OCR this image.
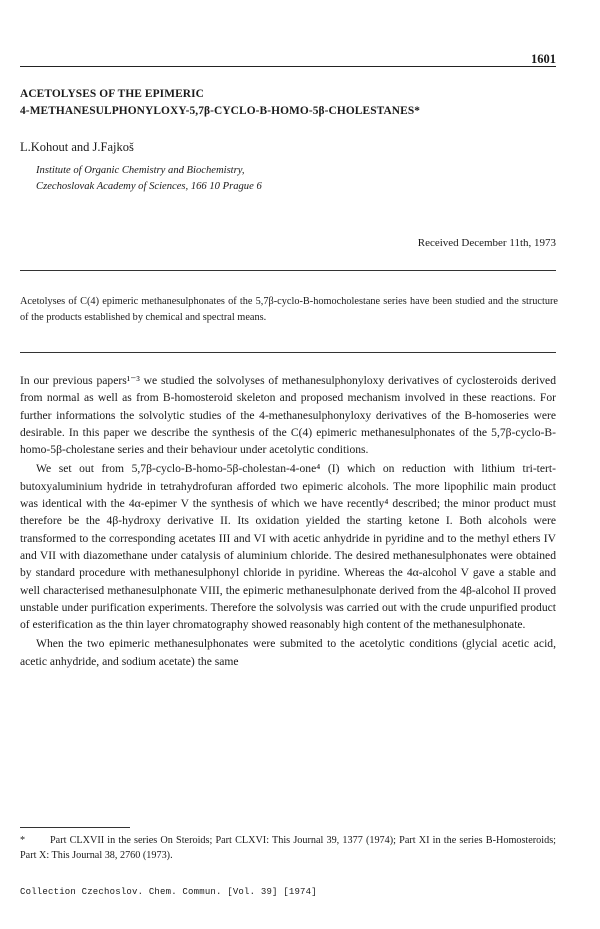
1601
ACETOLYSES OF THE EPIMERIC
4-METHANESULPHONYLOXY-5,7β-CYCLO-B-HOMO-5β-CHOLESTANES*

L.Kohout and J.Fajkoš

Institute of Organic Chemistry and Biochemistry,
Czechoslovak Academy of Sciences, 166 10 Prague 6

Received December 11th, 1973

Acetolyses of C(4) epimeric methanesulphonates of the 5,7β-cyclo-B-homocholestane series have been studied and the structure of the products established by chemical and spectral means.

In our previous papers¹⁻³ we studied the solvolyses of methanesulphonyloxy derivatives of cyclosteroids derived from normal as well as from B-homosteroid skeleton and proposed mechanism involved in these reactions. For further informations the solvolytic studies of the 4-methanesulphonyloxy derivatives of the B-homoseries were desirable. In this paper we describe the synthesis of the C(4) epimeric methanesulphonates of the 5,7β-cyclo-B-homo-5β-cholestane series and their behaviour under acetolytic conditions.

We set out from 5,7β-cyclo-B-homo-5β-cholestan-4-one⁴ (I) which on reduction with lithium tri-tert-butoxyaluminium hydride in tetrahydrofuran afforded two epimeric alcohols. The more lipophilic main product was identical with the 4α-epimer V the synthesis of which we have recently⁴ described; the minor product must therefore be the 4β-hydroxy derivative II. Its oxidation yielded the starting ketone I. Both alcohols were transformed to the corresponding acetates III and VI with acetic anhydride in pyridine and to the methyl ethers IV and VII with diazomethane under catalysis of aluminium chloride. The desired methanesulphonates were obtained by standard procedure with methanesulphonyl chloride in pyridine. Whereas the 4α-alcohol V gave a stable and well characterised methanesulphonate VIII, the epimeric methanesulphonate derived from the 4β-alcohol II proved unstable under purification experiments. Therefore the solvolysis was carried out with the crude unpurified product of esterification as the thin layer chromatography showed reasonably high content of the methanesulphonate.

When the two epimeric methanesulphonates were submited to the acetolytic conditions (glycial acetic acid, acetic anhydride, and sodium acetate) the same

* Part CLXVII in the series On Steroids; Part CLXVI: This Journal 39, 1377 (1974); Part XI in the series B-Homosteroids; Part X: This Journal 38, 2760 (1973).

Collection Czechoslov. Chem. Commun. [Vol. 39] [1974]
